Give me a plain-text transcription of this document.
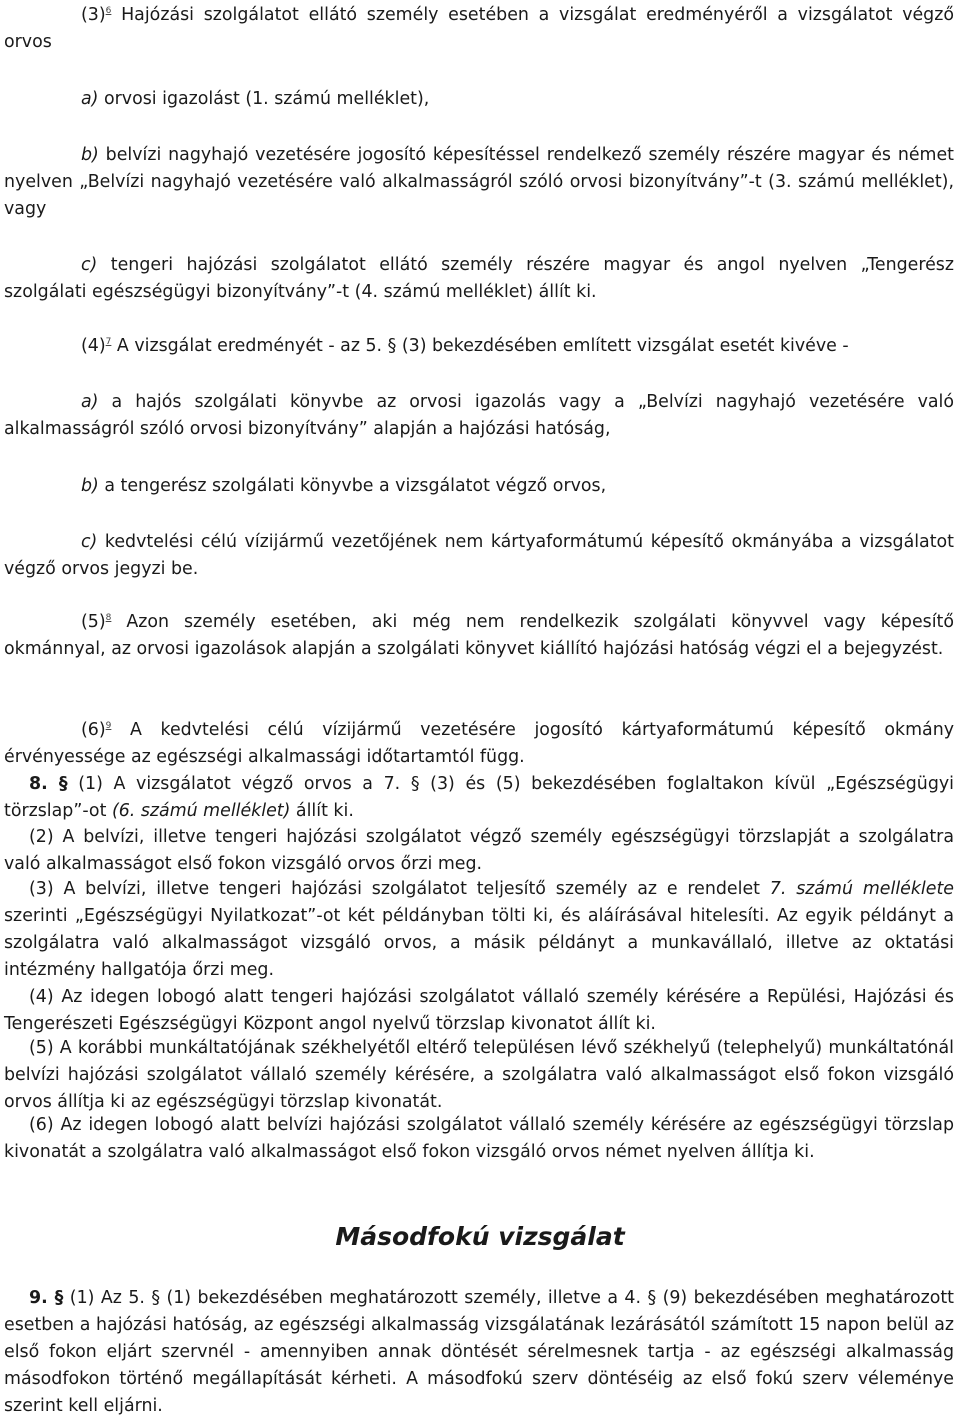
$(3)^6$ Hajózási szolgálatot ellátó személy esetében a vizsgálat eredményéről a vizsgálatot végző orvos

a) orvosi igazolást (1. számú melléklet),

b) belvízi nagyhajó vezetésére jogosító képesítéssel rendelkező személy részére magyar és német nyelven „Belvízi nagyhajó vezetésére való alkalmasságról szóló orvosi bizonyítvány”-t (3. számú melléklet), vagy

c) tengeri hajózási szolgálatot ellátó személy részére magyar és angol nyelven „Tengerész szolgálati egészségügyi bizonyítvány”-t (4. számú melléklet) állít ki.

$(4)^7$ A vizsgálat eredményét - az 5. § (3) bekezdésében említett vizsgálat esetét kivéve -

a) a hajós szolgálati könyvbe az orvosi igazolás vagy a „Belvízi nagyhajó vezetésére való alkalmasságról szóló orvosi bizonyítvány” alapján a hajózási hatóság,

b) a tengerész szolgálati könyvbe a vizsgálatot végző orvos,

c) kedvtelési célú vízijármű vezetőjének nem kártyaformátumú képesítő okmányába a vizsgálatot végző orvos jegyzi be.

$(5)^8$ Azon személy esetében, aki még nem rendelkezik szolgálati könyvvel vagy képesítő okmánnyal, az orvosi igazolások alapján a szolgálati könyvet kiállító hajózási hatóság végzi el a bejegyzést.

$(6)^9$ A kedvtelési célú vízijármű vezetésére jogosító kártyaformátumú képesítő okmány érvényessége az egészségi alkalmassági időtartamtól függ.

8. § (1) A vizsgálatot végző orvos a 7. § (3) és (5) bekezdésében foglaltakon kívül „Egészségügyi törzslap”-ot (6. számú melléklet) állít ki.

(2) A belvízi, illetve tengeri hajózási szolgálatot végző személy egészségügyi törzslapját a szolgálatra való alkalmasságot első fokon vizsgáló orvos őrzi meg.

(3) A belvízi, illetve tengeri hajózási szolgálatot teljesítő személy az e rendelet 7. számú melléklete szerinti „Egészségügyi Nyilatkozat”-ot két példányban tölti ki, és aláírásával hitelesíti. Az egyik példányt a szolgálatra való alkalmasságot vizsgáló orvos, a másik példányt a munkavállaló, illetve az oktatási intézmény hallgatója őrzi meg.

(4) Az idegen lobogó alatt tengeri hajózási szolgálatot vállaló személy kérésére a Repülési, Hajózási és Tengerészeti Egészségügyi Központ angol nyelvű törzslap kivonatot állít ki.

(5) A korábbi munkáltatójának székhelyétől eltérő településen lévő székhelyű (telephelyű) munkáltatónál belvízi hajózási szolgálatot vállaló személy kérésére, a szolgálatra való alkalmasságot első fokon vizsgáló orvos állítja ki az egészségügyi törzslap kivonatát.

(6) Az idegen lobogó alatt belvízi hajózási szolgálatot vállaló személy kérésére az egészségügyi törzslap kivonatát a szolgálatra való alkalmasságot első fokon vizsgáló orvos német nyelven állítja ki.

Másodfokú vizsgálat

9. § (1) Az 5. § (1) bekezdésében meghatározott személy, illetve a 4. § (9) bekezdésében meghatározott esetben a hajózási hatóság, az egészségi alkalmasság vizsgálatának lezárásától számított 15 napon belül az első fokon eljárt szervnél - amennyiben annak döntését sérelmesnek tartja - az egészségi alkalmasság másodfokon történő megállapítását kérheti. A másodfokú szerv döntéséig az első fokú szerv véleménye szerint kell eljárni.
